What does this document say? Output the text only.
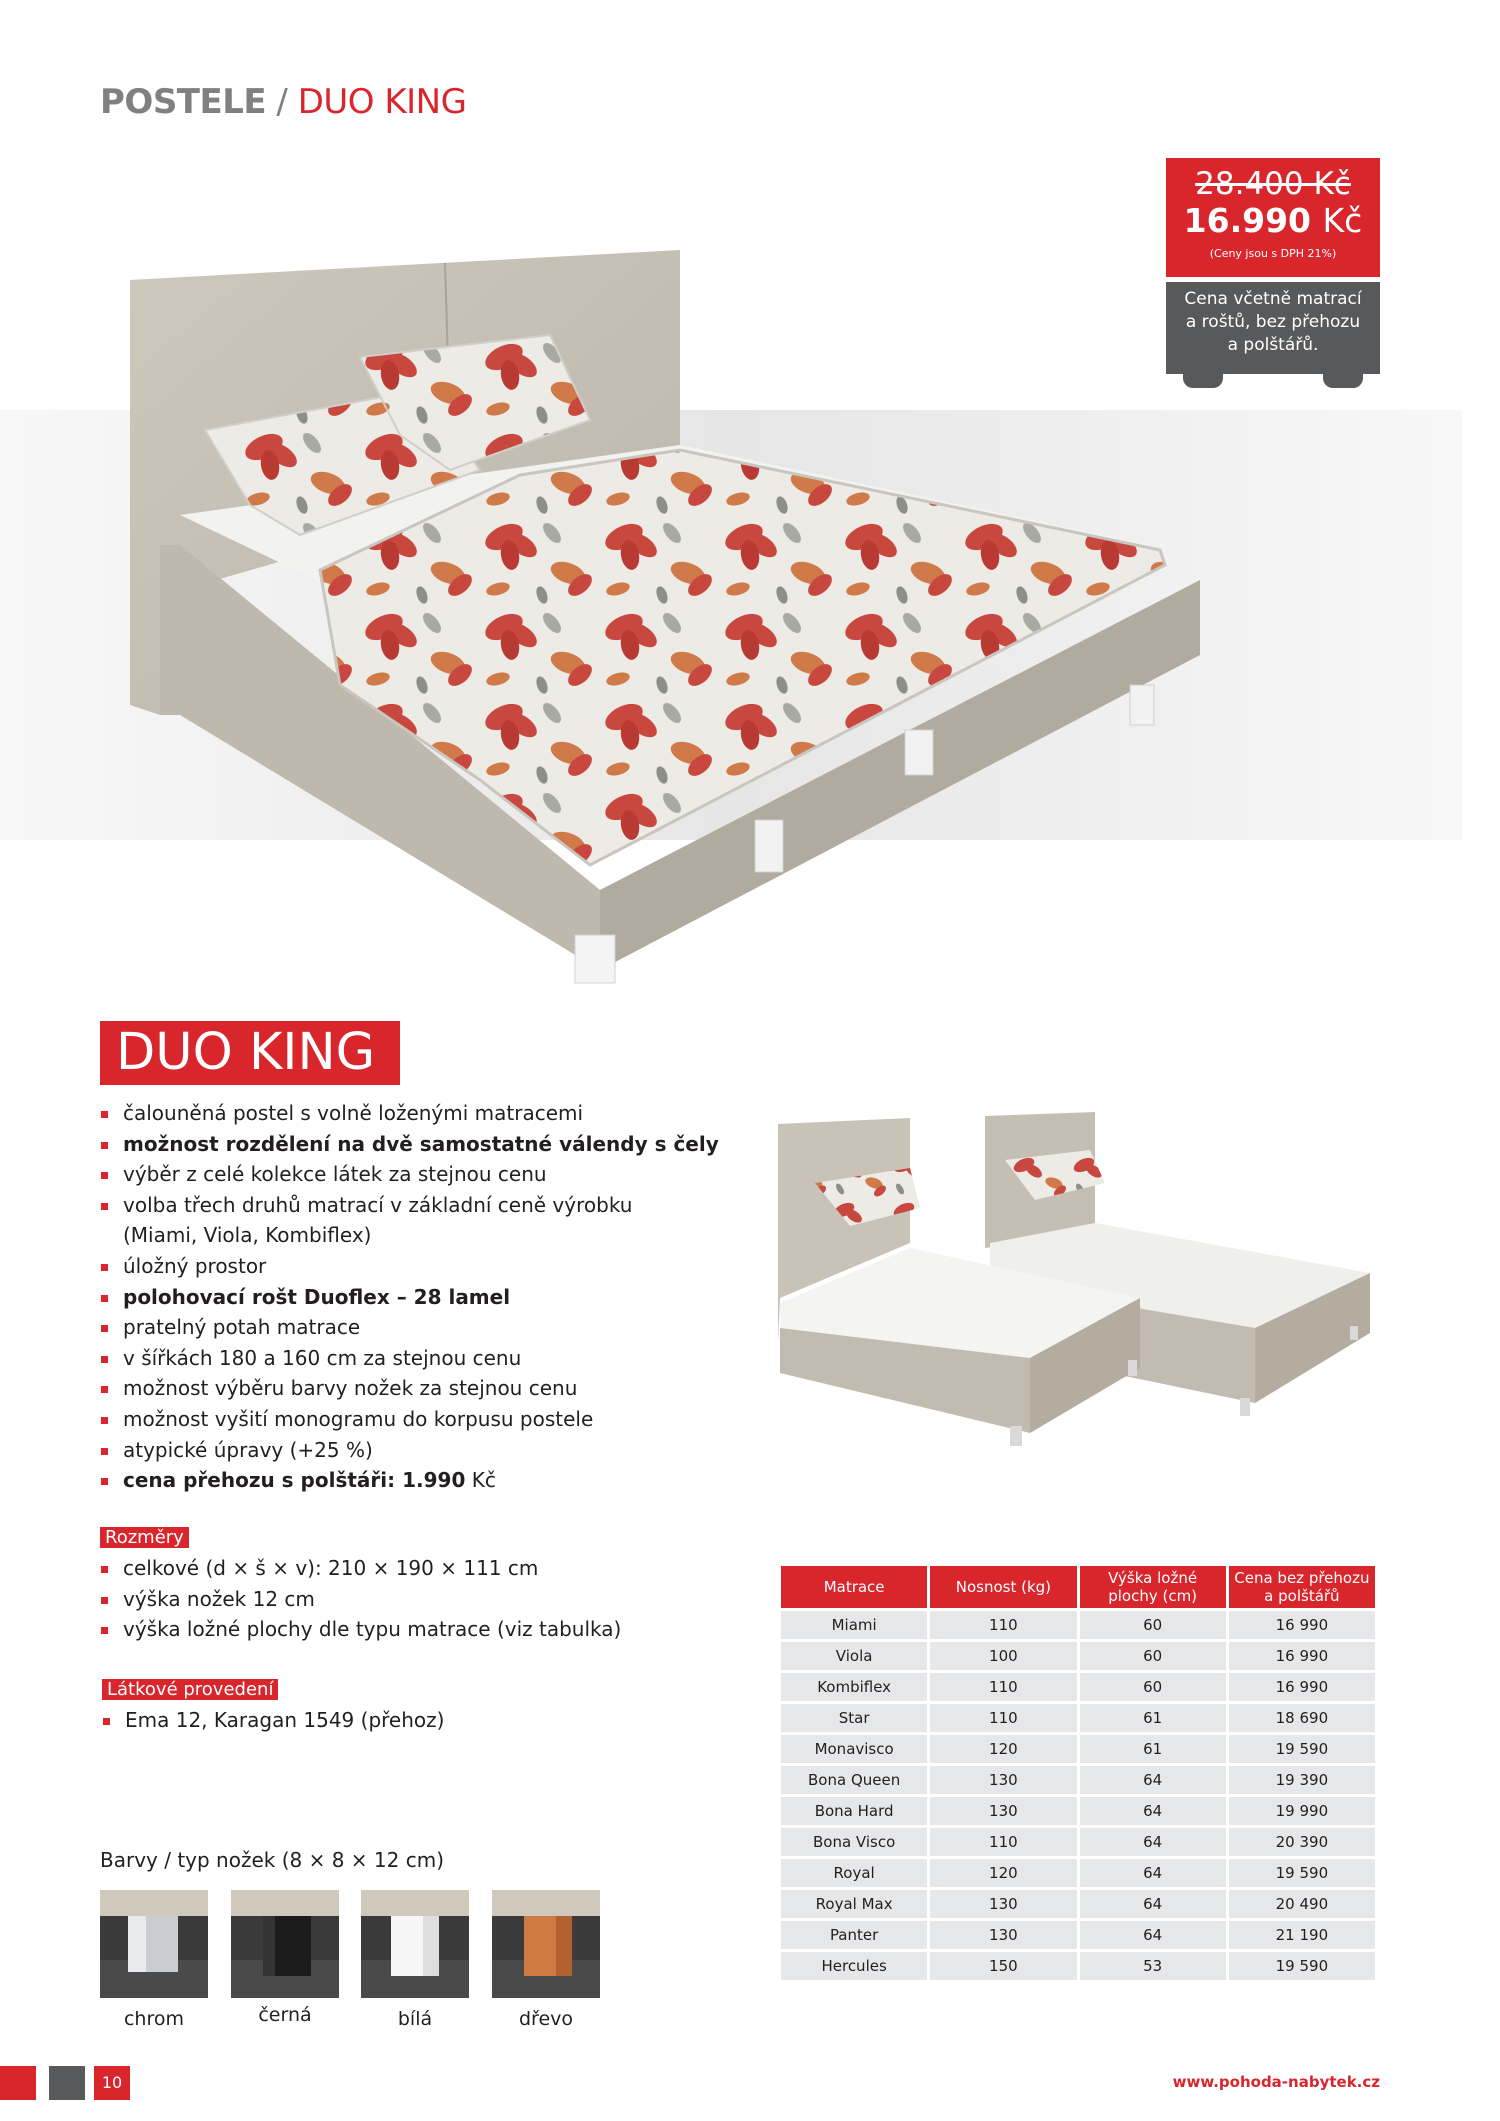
POSTELE / DUO KING
28.400 Kč
16.990 Kč
(Ceny jsou s DPH 21%)
Cena včetně matrací a roštů, bez přehozu a polštářů.
DUO KING
čalouněná postel s volně loženými matracemi
možnost rozdělení na dvě samostatné válendy s čely
výběr z celé kolekce látek za stejnou cenu
volba třech druhů matrací v základní ceně výrobku
(Miami, Viola, Kombiflex)
úložný prostor
polohovací rošt Duoflex – 28 lamel
pratelný potah matrace
v šířkách 180 a 160 cm za stejnou cenu
možnost výběru barvy nožek za stejnou cenu
možnost vyšití monogramu do korpusu postele
atypické úpravy (+25 %)
cena přehozu s polštáři: 1.990 Kč
Rozměry
celkové (d × š × v): 210 × 190 × 111 cm
výška nožek 12 cm
výška ložné plochy dle typu matrace (viz tabulka)
Látkové provedení
Ema 12, Karagan 1549 (přehoz)
Barvy / typ nožek (8 × 8 × 12 cm)
chrom	černá	bílá	dřevo
Matrace	Nosnost (kg)	Výška ložné plochy (cm)	Cena bez přehozu a polštářů
Miami	110	60	16 990
Viola	100	60	16 990
Kombiflex	110	60	16 990
Star	110	61	18 690
Monavisco	120	61	19 590
Bona Queen	130	64	19 390
Bona Hard	130	64	19 990
Bona Visco	110	64	20 390
Royal	120	64	19 590
Royal Max	130	64	20 490
Panter	130	64	21 190
Hercules	150	53	19 590
10	www.pohoda-nabytek.cz
